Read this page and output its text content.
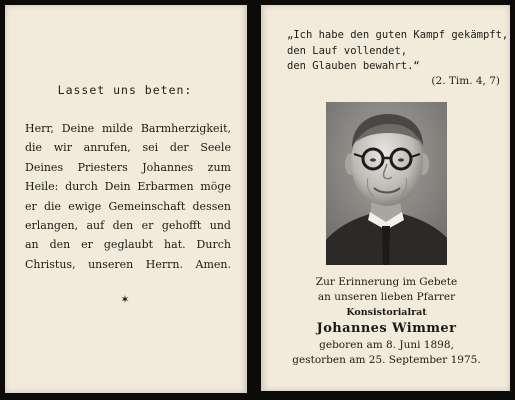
Lasset uns beten:
Herr, Deine milde Barmherzigkeit,
die wir anrufen, sei der Seele
Deines Priesters Johannes zum
Heile: durch Dein Erbarmen möge
er die ewige Gemeinschaft dessen
erlangen, auf den er gehofft und
an den er geglaubt hat. Durch
Christus, unseren Herrn. Amen.
✶
„Ich habe den guten Kampf gekämpft,
den Lauf vollendet,
den Glauben bewahrt.“
(2. Tim. 4, 7)
Zur Erinnerung im Gebete
an unseren lieben Pfarrer
Konsistorialrat
Johannes Wimmer
geboren am 8. Juni 1898,
gestorben am 25. September 1975.
